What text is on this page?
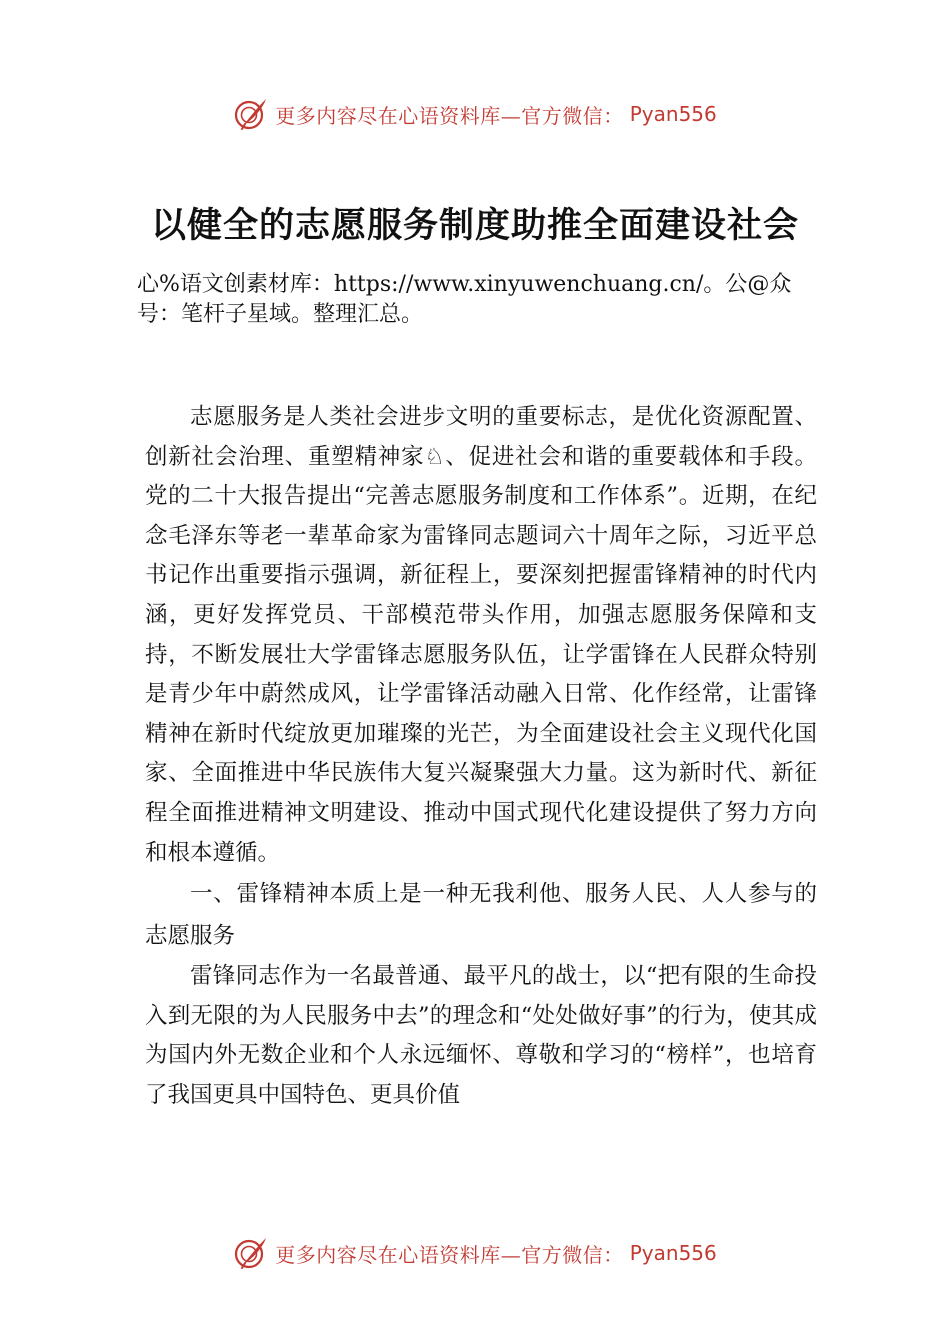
更多内容尽在心语资料库—官方微信： Pyan556
以健全的志愿服务制度助推全面建设社会

心%语文创素材库：https://www.xinyuwenchuang.cn/。公@众号：笔杆子星域。整理汇总。

志愿服务是人类社会进步文明的重要标志，是优化资源配置、创新社会治理、重塑精神家♘、促进社会和谐的重要载体和手段。党的二十大报告提出“完善志愿服务制度和工作体系”。近期，在纪念毛泽东等老一辈革命家为雷锋同志题词六十周年之际，习近平总书记作出重要指示强调，新征程上，要深刻把握雷锋精神的时代内涵，更好发挥党员、干部模范带头作用，加强志愿服务保障和支持，不断发展壮大学雷锋志愿服务队伍，让学雷锋在人民群众特别是青少年中蔚然成风，让学雷锋活动融入日常、化作经常，让雷锋精神在新时代绽放更加璀璨的光芒，为全面建设社会主义现代化国家、全面推进中华民族伟大复兴凝聚强大力量。这为新时代、新征程全面推进精神文明建设、推动中国式现代化建设提供了努力方向和根本遵循。

一、雷锋精神本质上是一种无我利他、服务人民、人人参与的志愿服务

雷锋同志作为一名最普通、最平凡的战士，以“把有限的生命投入到无限的为人民服务中去”的理念和“处处做好事”的行为，使其成为国内外无数企业和个人永远缅怀、尊敬和学习的“榜样”，也培育了我国更具中国特色、更具价值

更多内容尽在心语资料库—官方微信： Pyan556
